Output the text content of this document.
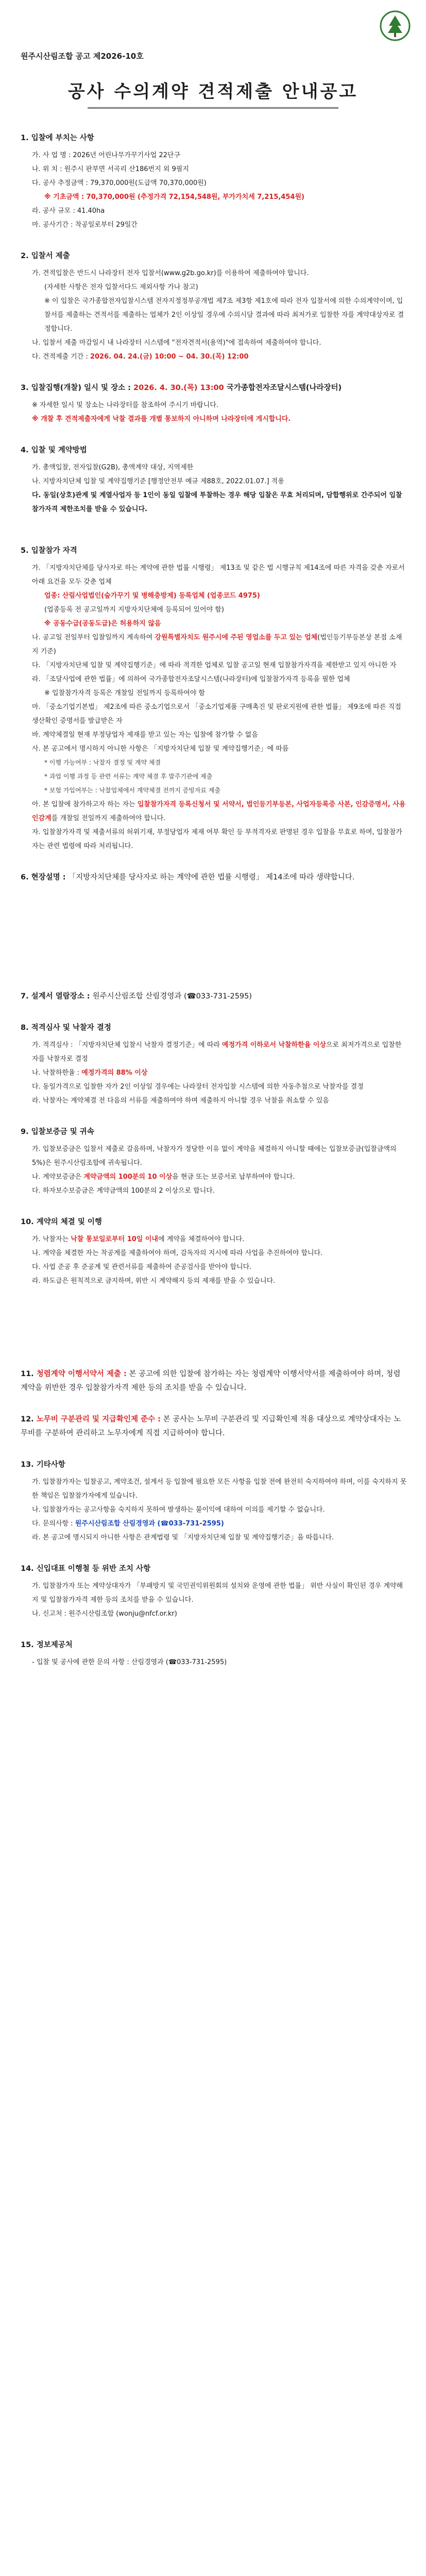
원주시산림조합 공고 제2026-10호
공사 수의계약 견적제출 안내공고
1. 입찰에 부치는 사항
가. 사 업 명 : 2026년 어린나무가꾸기사업 22단구
나. 위 치 : 원주시 판부면 서곡리 산186번지 외 9필지
다. 공사 추정금액 : 79,370,000원(도급액 70,370,000원)
※ 기초금액 : 70,370,000원 (추정가격 72,154,548원, 부가가치세 7,215,454원)
라. 공사 규모 : 41.40ha
마. 공사기간 : 착공일로부터 29일간
2. 입찰서 제출
가. 견적입찰은 반드시 나라장터 전자 입찰서(www.g2b.go.kr)를 이용하여 제출하여야 합니다.
(자세한 사항은 전자 입찰서다드 제외사항 가나 참고)
※ 이 입찰은 국가종합전자입찰시스템 전자지정정부공개법 제7조 제3항 제1호에 따라 전자 입찰서에 의한 수의계약이며, 입찰서를 제출하는 견적서를 제출하는 업체가 2인 이상일 경우에 수의시담 결과에 따라 최저가로 입찰한 자를 계약대상자로 결정합니다.
나. 입찰서 제출 마감일시 내 나라장터 시스템에 "전자견적서(용역)"에 접속하여 제출하여야 합니다.
다. 견적제출 기간 : 2026. 04. 24.(금) 10:00 ~ 04. 30.(목) 12:00
3. 입찰집행(개찰) 일시 및 장소 : 2026. 4. 30.(목) 13:00 국가종합전자조달시스템(나라장터)
※ 자세한 일시 및 장소는 나라장터를 참조하여 주시기 바랍니다.
※ 개찰 후 견적제출자에게 낙찰 결과를 개별 통보하지 아니하며 나라장터에 게시합니다.
4. 입찰 및 계약방법
가. 총액입찰, 전자입찰(G2B), 총액계약 대상, 지역제한
나. 지방자치단체 입찰 및 계약집행기준 [행정안전부 예규 제88호, 2022.01.07.] 적용
다. 동일(상호)관계 및 계열사업자 등 1인이 동일 입찰에 투찰하는 경우 해당 입찰은 무효 처리되며, 담합행위로 간주되어 입찰참가자격 제한조치를 받을 수 있습니다.
5. 입찰참가 자격
가. 「지방자치단체를 당사자로 하는 계약에 관한 법률 시행령」 제13조 및 같은 법 시행규칙 제14조에 따른 자격을 갖춘 자로서 아래 요건을 모두 갖춘 업체
업종: 산림사업법인(숲가꾸기 및 병해충방제) 등록업체 (업종코드 4975)
(업종등록 전 공고일까지 지방자치단체에 등록되어 있어야 함)
※ 공동수급(공동도급)은 허용하지 않음
나. 공고일 전일부터 입찰일까지 계속하여 강원특별자치도 원주시에 주된 영업소를 두고 있는 업체(법인등기부등본상 본점 소재지 기준)
다. 「지방자치단체 입찰 및 계약집행기준」에 따라 적격한 업체로 입찰 공고일 현재 입찰참가자격을 제한받고 있지 아니한 자
라. 「조달사업에 관한 법률」에 의하여 국가종합전자조달시스템(나라장터)에 입찰참가자격 등록을 필한 업체
※ 입찰참가자격 등록은 개찰일 전일까지 등록하여야 함
마. 「중소기업기본법」 제2조에 따른 중소기업으로서 「중소기업제품 구매촉진 및 판로지원에 관한 법률」 제9조에 따른 직접생산확인 증명서를 발급받은 자
바. 계약체결일 현재 부정당업자 제재를 받고 있는 자는 입찰에 참가할 수 없음
사. 본 공고에서 명시하지 아니한 사항은 「지방자치단체 입찰 및 계약집행기준」에 따름
* 이행 가능여부 : 낙찰자 결정 및 계약 체결
* 과업 이행 과정 등 관련 서류는 계약 체결 후 발주기관에 제출
* 보험 가입여부는 : 낙찰업체에서 계약체결 전까지 증빙자료 제출
아. 본 입찰에 참가하고자 하는 자는 입찰참가자격 등록신청서 및 서약서, 법인등기부등본, 사업자등록증 사본, 인감증명서, 사용인감계를 개찰일 전일까지 제출하여야 합니다.
자. 입찰참가자격 및 제출서류의 허위기재, 부정당업자 제재 여부 확인 등 부적격자로 판명된 경우 입찰을 무효로 하며, 입찰참가자는 관련 법령에 따라 처리됩니다.
6. 현장설명 : 「지방자치단체를 당사자로 하는 계약에 관한 법률 시행령」 제14조에 따라 생략합니다.
7. 설계서 열람장소 : 원주시산림조합 산림경영과 (☎033-731-2595)
8. 적격심사 및 낙찰자 결정
가. 적격심사 : 「지방자치단체 입찰시 낙찰자 결정기준」에 따라 예정가격 이하로서 낙찰하한율 이상으로 최저가격으로 입찰한 자를 낙찰자로 결정
나. 낙찰하한율 : 예정가격의 88% 이상
다. 동일가격으로 입찰한 자가 2인 이상일 경우에는 나라장터 전자입찰 시스템에 의한 자동추첨으로 낙찰자를 결정
라. 낙찰자는 계약체결 전 다음의 서류를 제출하여야 하며 제출하지 아니할 경우 낙찰을 취소할 수 있음
9. 입찰보증금 및 귀속
가. 입찰보증금은 입찰서 제출로 갈음하며, 낙찰자가 정당한 이유 없이 계약을 체결하지 아니할 때에는 입찰보증금(입찰금액의 5%)은 원주시산림조합에 귀속됩니다.
나. 계약보증금은 계약금액의 100분의 10 이상을 현금 또는 보증서로 납부하여야 합니다.
다. 하자보수보증금은 계약금액의 100분의 2 이상으로 합니다.
10. 계약의 체결 및 이행
가. 낙찰자는 낙찰 통보일로부터 10일 이내에 계약을 체결하여야 합니다.
나. 계약을 체결한 자는 착공계를 제출하여야 하며, 감독자의 지시에 따라 사업을 추진하여야 합니다.
다. 사업 준공 후 준공계 및 관련서류를 제출하여 준공검사를 받아야 합니다.
라. 하도급은 원칙적으로 금지하며, 위반 시 계약해지 등의 제재를 받을 수 있습니다.
11. 청렴계약 이행서약서 제출 : 본 공고에 의한 입찰에 참가하는 자는 청렴계약 이행서약서를 제출하여야 하며, 청렴계약을 위반한 경우 입찰참가자격 제한 등의 조치를 받을 수 있습니다.
12. 노무비 구분관리 및 지급확인제 준수 : 본 공사는 노무비 구분관리 및 지급확인제 적용 대상으로 계약상대자는 노무비를 구분하여 관리하고 노무자에게 직접 지급하여야 합니다.
13. 기타사항
가. 입찰참가자는 입찰공고, 계약조건, 설계서 등 입찰에 필요한 모든 사항을 입찰 전에 완전히 숙지하여야 하며, 이를 숙지하지 못한 책임은 입찰참가자에게 있습니다.
나. 입찰참가자는 공고사항을 숙지하지 못하여 발생하는 불이익에 대하여 이의를 제기할 수 없습니다.
다. 문의사항 : 원주시산림조합 산림경영과 (☎033-731-2595)
라. 본 공고에 명시되지 아니한 사항은 관계법령 및 「지방자치단체 입찰 및 계약집행기준」을 따릅니다.
14. 신입대표 이행철 등 위반 조치 사항
가. 입찰참가자 또는 계약상대자가 「부패방지 및 국민권익위원회의 설치와 운영에 관한 법률」 위반 사실이 확인된 경우 계약해지 및 입찰참가자격 제한 등의 조치를 받을 수 있습니다.
나. 신고처 : 원주시산림조합 (wonju@nfcf.or.kr)
15. 정보제공처
- 입찰 및 공사에 관한 문의 사항 : 산림경영과 (☎033-731-2595)
